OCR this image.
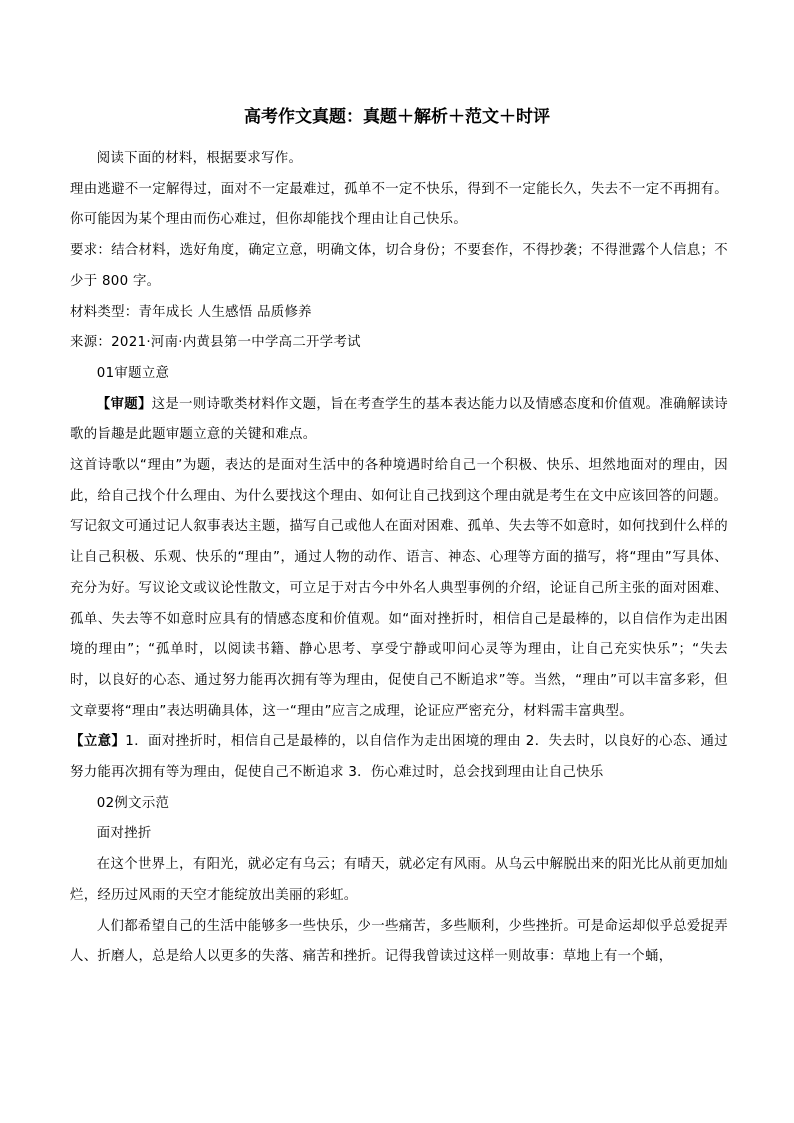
高考作文真题：真题＋解析＋范文＋时评

阅读下面的材料，根据要求写作。

理由逃避不一定解得过，面对不一定最难过，孤单不一定不快乐，得到不一定能长久，失去不一定不再拥有。你可能因为某个理由而伤心难过，但你却能找个理由让自己快乐。

要求：结合材料，选好角度，确定立意，明确文体，切合身份；不要套作，不得抄袭；不得泄露个人信息；不少于 800 字。

材料类型：青年成长 人生感悟 品质修养

来源：2021·河南·内黄县第一中学高二开学考试

01审题立意

【审题】这是一则诗歌类材料作文题，旨在考查学生的基本表达能力以及情感态度和价值观。准确解读诗歌的旨趣是此题审题立意的关键和难点。

这首诗歌以“理由”为题，表达的是面对生活中的各种境遇时给自己一个积极、快乐、坦然地面对的理由，因此，给自己找个什么理由、为什么要找这个理由、如何让自己找到这个理由就是考生在文中应该回答的问题。

写记叙文可通过记人叙事表达主题，描写自己或他人在面对困难、孤单、失去等不如意时，如何找到什么样的让自己积极、乐观、快乐的“理由”，通过人物的动作、语言、神态、心理等方面的描写，将“理由”写具体、充分为好。写议论文或议论性散文，可立足于对古今中外名人典型事例的介绍，论证自己所主张的面对困难、孤单、失去等不如意时应具有的情感态度和价值观。如“面对挫折时，相信自己是最棒的，以自信作为走出困境的理由”；“孤单时，以阅读书籍、静心思考、享受宁静或叩问心灵等为理由，让自己充实快乐”；“失去时，以良好的心态、通过努力能再次拥有等为理由，促使自己不断追求”等。当然，“理由”可以丰富多彩，但文章要将“理由”表达明确具体，这一“理由”应言之成理，论证应严密充分，材料需丰富典型。

【立意】1．面对挫折时，相信自己是最棒的，以自信作为走出困境的理由 2．失去时，以良好的心态、通过努力能再次拥有等为理由，促使自己不断追求 3．伤心难过时，总会找到理由让自己快乐

02例文示范

面对挫折

在这个世界上，有阳光，就必定有乌云；有晴天，就必定有风雨。从乌云中解脱出来的阳光比从前更加灿烂，经历过风雨的天空才能绽放出美丽的彩虹。

人们都希望自己的生活中能够多一些快乐，少一些痛苦，多些顺利，少些挫折。可是命运却似乎总爱捉弄人、折磨人，总是给人以更多的失落、痛苦和挫折。记得我曾读过这样一则故事：草地上有一个蛹，
